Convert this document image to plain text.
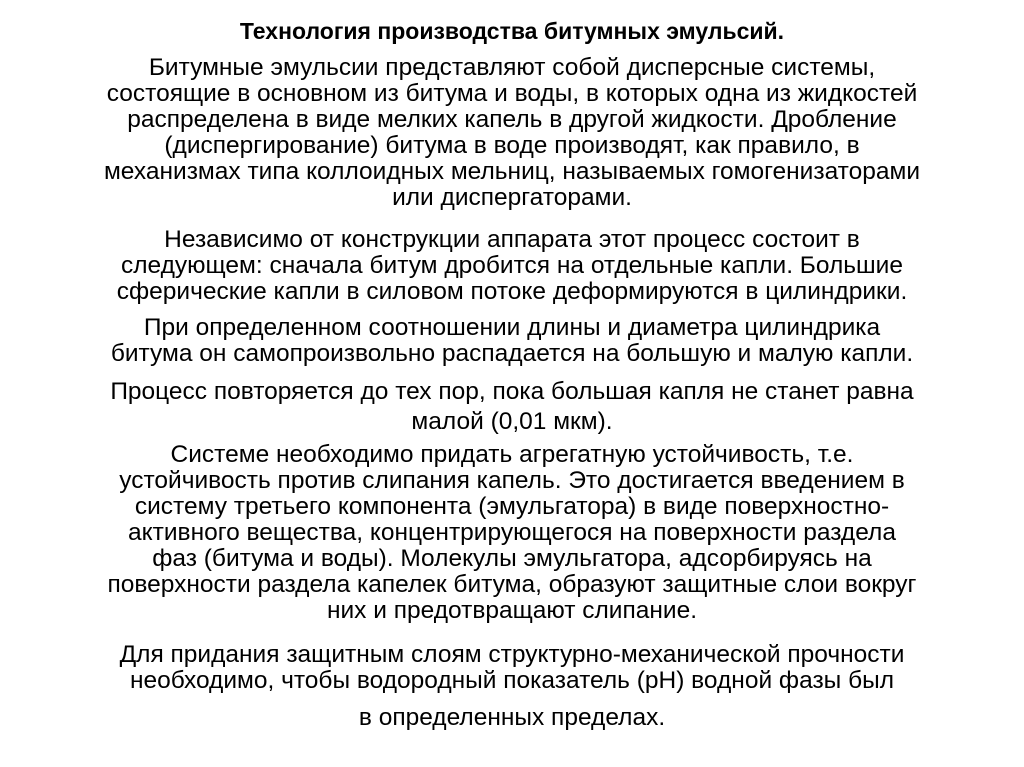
Технология производства битумных эмульсий.

Битумные эмульсии представляют собой дисперсные системы,
состоящие в основном из битума и воды, в которых одна из жидкостей
распределена в виде мелких капель в другой жидкости. Дробление
(диспергирование) битума в воде производят, как правило, в
механизмах типа коллоидных мельниц, называемых гомогенизаторами
или диспергаторами.

Независимо от конструкции аппарата этот процесс состоит в
следующем: сначала битум дробится на отдельные капли. Большие
сферические капли в силовом потоке деформируются в цилиндрики.

При определенном соотношении длины и диаметра цилиндрика
битума он самопроизвольно распадается на большую и малую капли.

Процесс повторяется до тех пор, пока большая капля не станет равна

малой (0,01 мкм).

Системе необходимо придать агрегатную устойчивость, т.е.
устойчивость против слипания капель. Это достигается введением в
систему третьего компонента (эмульгатора) в виде поверхностно-
активного вещества, концентрирующегося на поверхности раздела
фаз (битума и воды). Молекулы эмульгатора, адсорбируясь на
поверхности раздела капелек битума, образуют защитные слои вокруг
них и предотвращают слипание.

Для придания защитным слоям структурно-механической прочности
необходимо, чтобы водородный показатель (pH) водной фазы был

в определенных пределах.
